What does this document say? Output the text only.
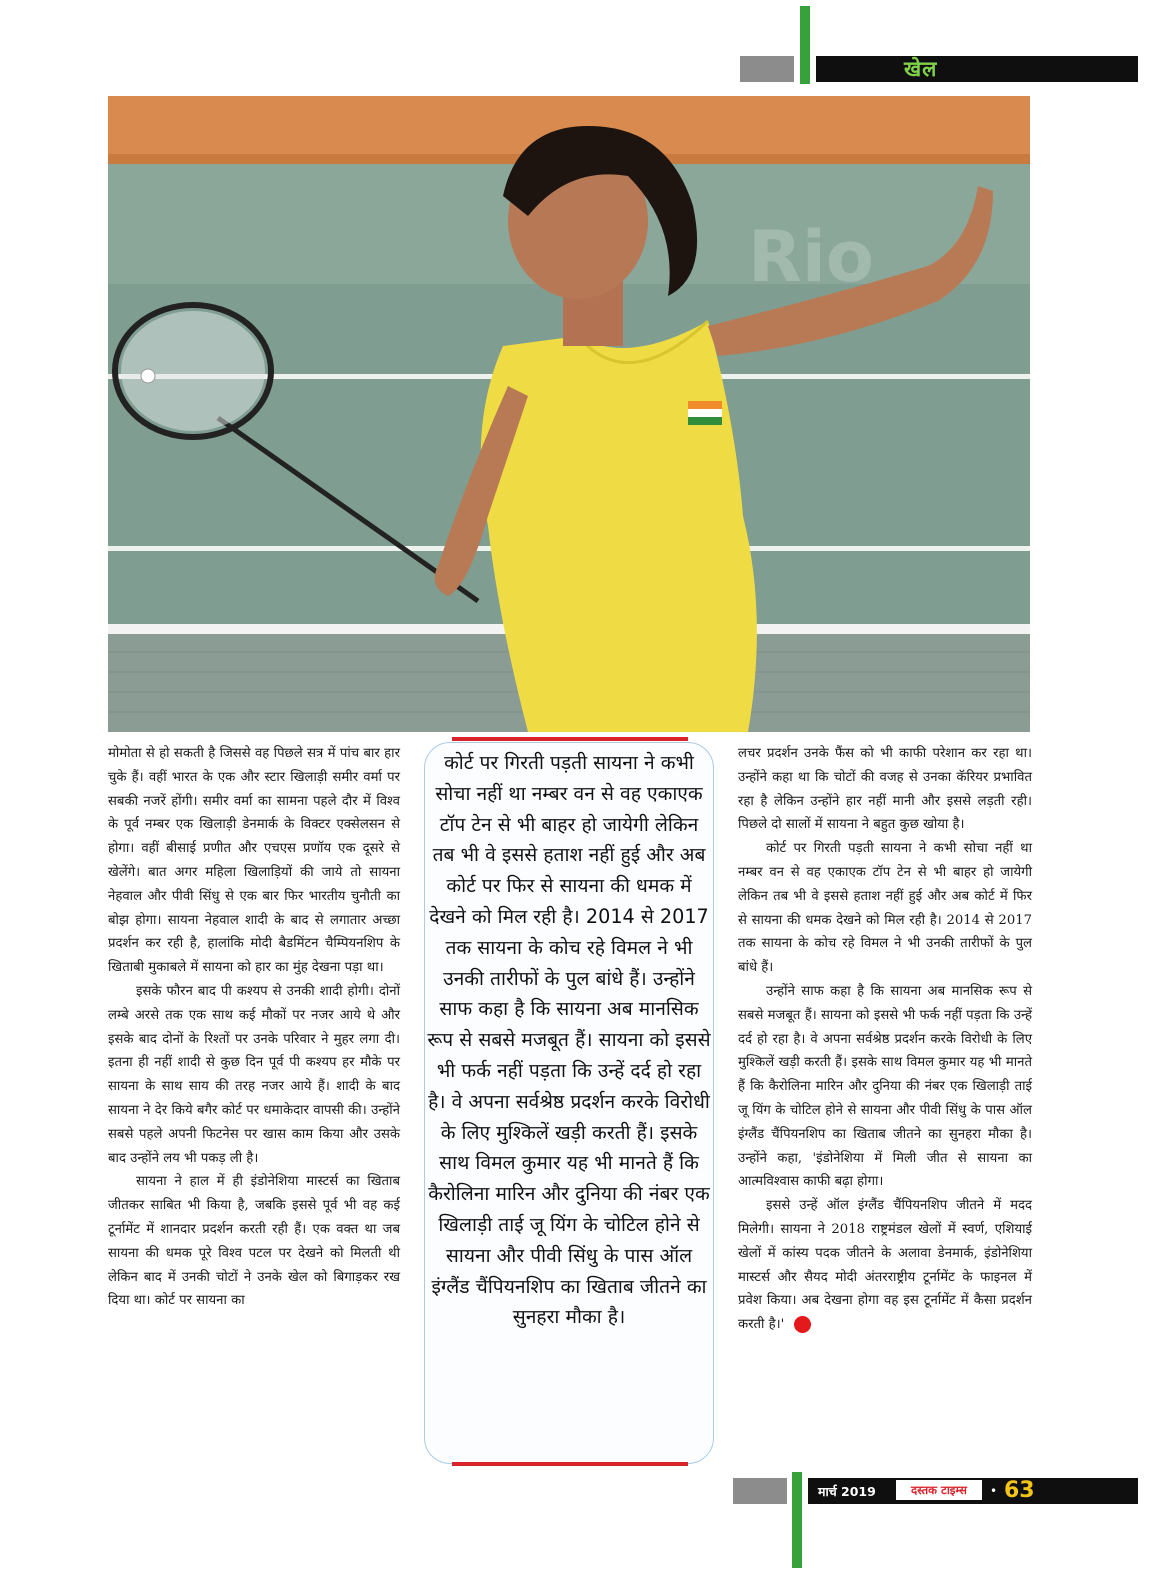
खेल
Rio

मोमोता से हो सकती है जिससे वह पिछले सत्र में पांच बार हार चुके हैं। वहीं भारत के एक और स्टार खिलाड़ी समीर वर्मा पर सबकी नजरें होंगी। समीर वर्मा का सामना पहले दौर में विश्व के पूर्व नम्बर एक खिलाड़ी डेनमार्क के विक्टर एक्सेलसन से होगा। वहीं बीसाई प्रणीत और एचएस प्रणॉय एक दूसरे से खेलेंगे। बात अगर महिला खिलाड़ियों की जाये तो सायना नेहवाल और पीवी सिंधु से एक बार फिर भारतीय चुनौती का बोझ होगा। सायना नेहवाल शादी के बाद से लगातार अच्छा प्रदर्शन कर रही है, हालांकि मोदी बैडमिंटन चैम्पियनशिप के खिताबी मुकाबले में सायना को हार का मुंह देखना पड़ा था।

इसके फौरन बाद पी कश्यप से उनकी शादी होगी। दोनों लम्बे अरसे तक एक साथ कई मौकों पर नजर आये थे और इसके बाद दोनों के रिश्तों पर उनके परिवार ने मुहर लगा दी। इतना ही नहीं शादी से कुछ दिन पूर्व पी कश्यप हर मौके पर सायना के साथ साय की तरह नजर आये हैं। शादी के बाद सायना ने देर किये बगैर कोर्ट पर धमाकेदार वापसी की। उन्होंने सबसे पहले अपनी फिटनेस पर खास काम किया और उसके बाद उन्होंने लय भी पकड़ ली है।

सायना ने हाल में ही इंडोनेशिया मास्टर्स का खिताब जीतकर साबित भी किया है, जबकि इससे पूर्व भी वह कई टूर्नामेंट में शानदार प्रदर्शन करती रही हैं। एक वक्त था जब सायना की धमक पूरे विश्व पटल पर देखने को मिलती थी लेकिन बाद में उनकी चोटों ने उनके खेल को बिगाड़कर रख दिया था। कोर्ट पर सायना का

कोर्ट पर गिरती पड़ती सायना ने कभी सोचा नहीं था नम्बर वन से वह एकाएक टॉप टेन से भी बाहर हो जायेगी लेकिन तब भी वे इससे हताश नहीं हुई और अब कोर्ट पर फिर से सायना की धमक में देखने को मिल रही है। 2014 से 2017 तक सायना के कोच रहे विमल ने भी उनकी तारीफों के पुल बांधे हैं। उन्होंने साफ कहा है कि सायना अब मानसिक रूप से सबसे मजबूत हैं। सायना को इससे भी फर्क नहीं पड़ता कि उन्हें दर्द हो रहा है। वे अपना सर्वश्रेष्ठ प्रदर्शन करके विरोधी के लिए मुश्किलें खड़ी करती हैं। इसके साथ विमल कुमार यह भी मानते हैं कि कैरोलिना मारिन और दुनिया की नंबर एक खिलाड़ी ताई जू यिंग के चोटिल होने से सायना और पीवी सिंधु के पास ऑल इंग्लैंड चैंपियनशिप का खिताब जीतने का सुनहरा मौका है।

लचर प्रदर्शन उनके फैंस को भी काफी परेशान कर रहा था। उन्होंने कहा था कि चोटों की वजह से उनका कॅरियर प्रभावित रहा है लेकिन उन्होंने हार नहीं मानी और इससे लड़ती रही। पिछले दो सालों में सायना ने बहुत कुछ खोया है।

कोर्ट पर गिरती पड़ती सायना ने कभी सोचा नहीं था नम्बर वन से वह एकाएक टॉप टेन से भी बाहर हो जायेगी लेकिन तब भी वे इससे हताश नहीं हुई और अब कोर्ट में फिर से सायना की धमक देखने को मिल रही है। 2014 से 2017 तक सायना के कोच रहे विमल ने भी उनकी तारीफों के पुल बांधे हैं।

उन्होंने साफ कहा है कि सायना अब मानसिक रूप से सबसे मजबूत हैं। सायना को इससे भी फर्क नहीं पड़ता कि उन्हें दर्द हो रहा है। वे अपना सर्वश्रेष्ठ प्रदर्शन करके विरोधी के लिए मुश्किलें खड़ी करती हैं। इसके साथ विमल कुमार यह भी मानते हैं कि कैरोलिना मारिन और दुनिया की नंबर एक खिलाड़ी ताई जू यिंग के चोटिल होने से सायना और पीवी सिंधु के पास ऑल इंग्लैंड चैंपियनशिप का खिताब जीतने का सुनहरा मौका है। उन्होंने कहा, 'इंडोनेशिया में मिली जीत से सायना का आत्मविश्वास काफी बढ़ा होगा।

इससे उन्हें ऑल इंग्लैंड चैंपियनशिप जीतने में मदद मिलेगी। सायना ने 2018 राष्ट्रमंडल खेलों में स्वर्ण, एशियाई खेलों में कांस्य पदक जीतने के अलावा डेनमार्क, इंडोनेशिया मास्टर्स और सैयद मोदी अंतरराष्ट्रीय टूर्नामेंट के फाइनल में प्रवेश किया। अब देखना होगा वह इस टूर्नामेंट में कैसा प्रदर्शन करती है।'

मार्च 2019	दस्तक टाइम्स	• 63
